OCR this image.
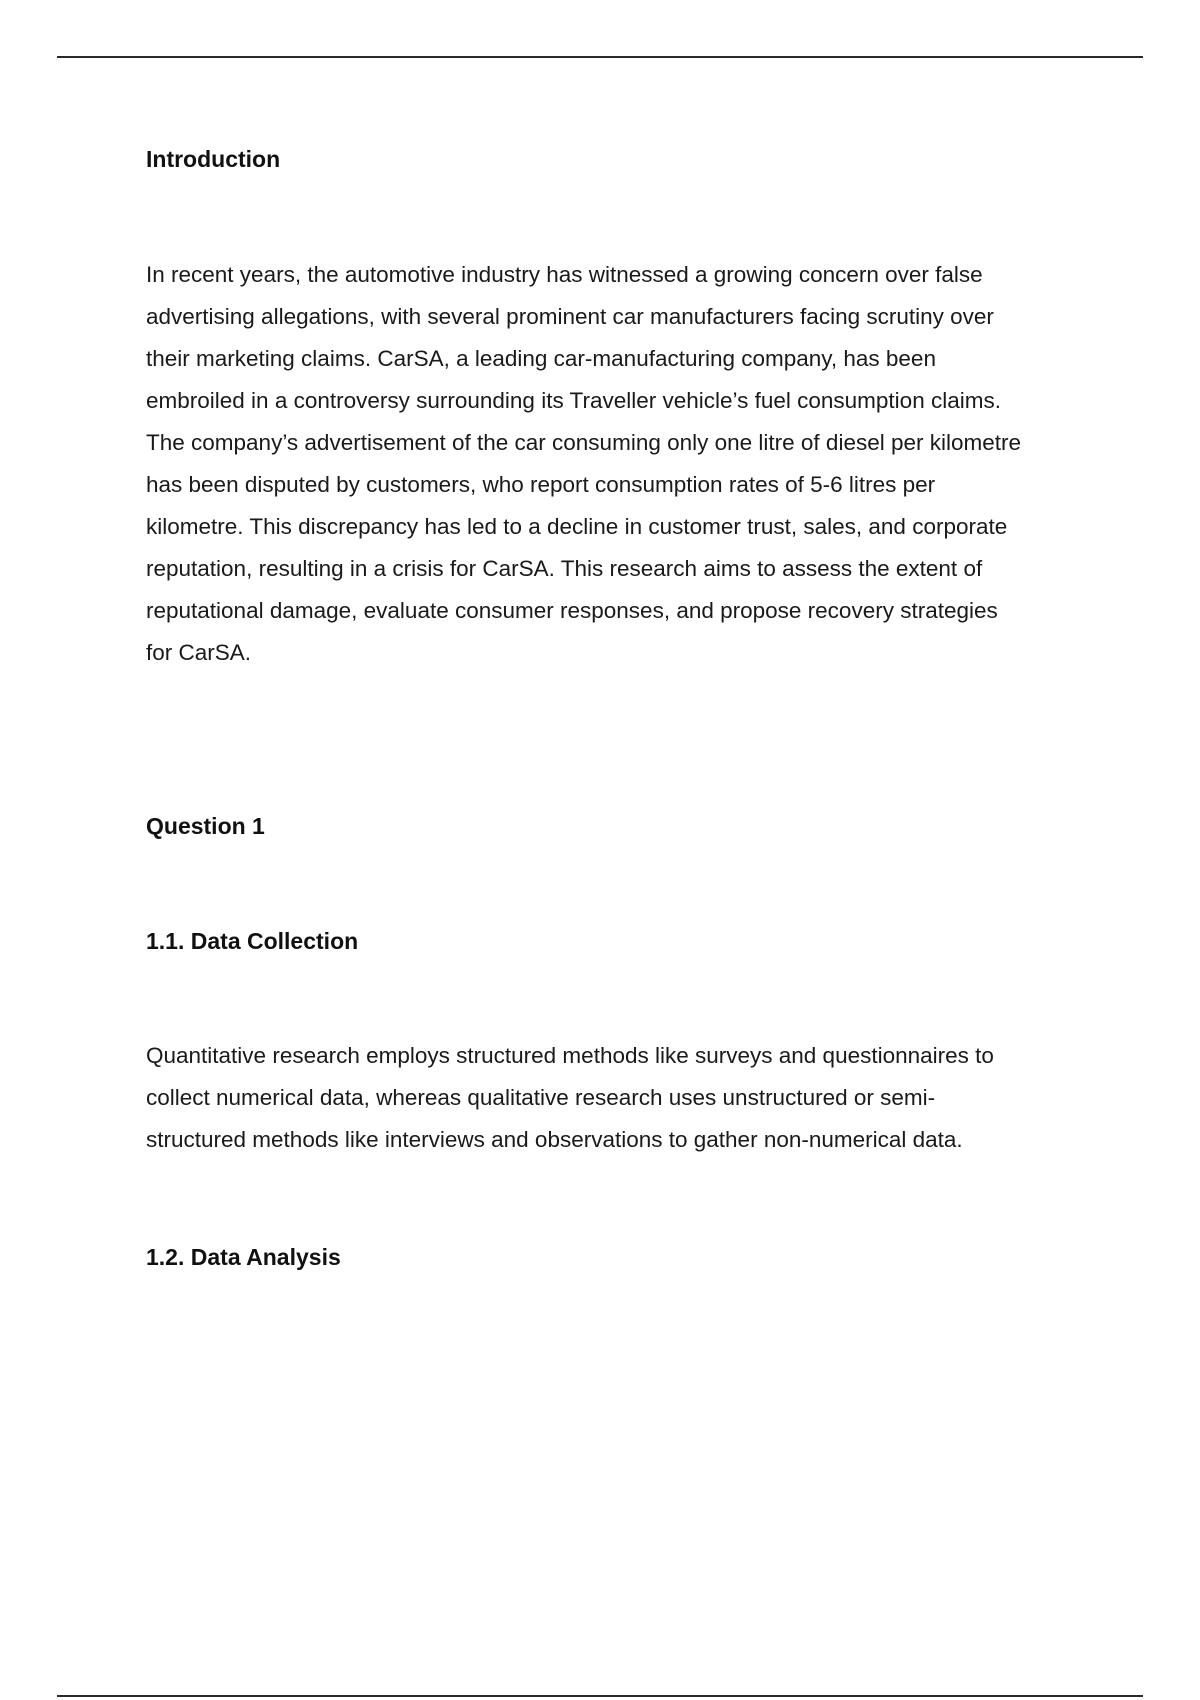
Introduction

In recent years, the automotive industry has witnessed a growing concern over false
advertising allegations, with several prominent car manufacturers facing scrutiny over
their marketing claims. CarSA, a leading car-manufacturing company, has been
embroiled in a controversy surrounding its Traveller vehicle’s fuel consumption claims.
The company’s advertisement of the car consuming only one litre of diesel per kilometre
has been disputed by customers, who report consumption rates of 5-6 litres per
kilometre. This discrepancy has led to a decline in customer trust, sales, and corporate
reputation, resulting in a crisis for CarSA. This research aims to assess the extent of
reputational damage, evaluate consumer responses, and propose recovery strategies
for CarSA.

Question 1
1.1. Data Collection

Quantitative research employs structured methods like surveys and questionnaires to
collect numerical data, whereas qualitative research uses unstructured or semi-
structured methods like interviews and observations to gather non-numerical data.

1.2. Data Analysis
